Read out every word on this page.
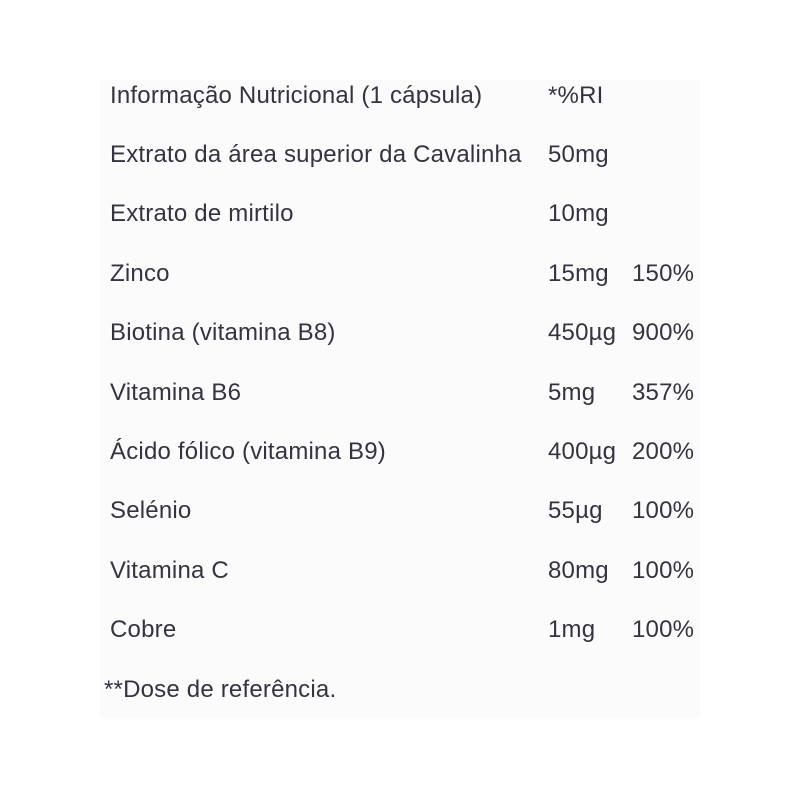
Informação Nutricional (1 cápsula)	*%RI
Extrato da área superior da Cavalinha	50mg
Extrato de mirtilo	10mg
Zinco	15mg 150%
Biotina (vitamina B8)	450µg 900%
Vitamina B6	5mg	357%
Ácido fólico (vitamina B9)	400µg 200%
Selénio	55µg	100%
Vitamina C	80mg 100%
Cobre	1mg	100%
**Dose de referência.
